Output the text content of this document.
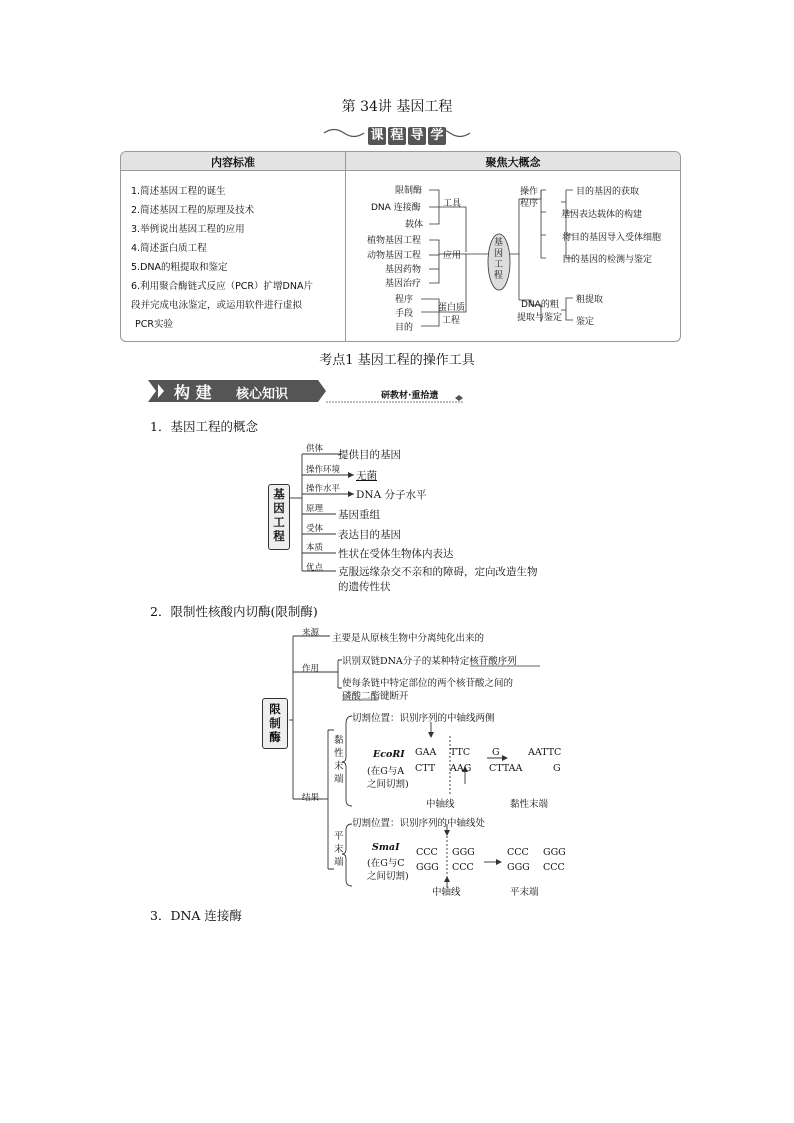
第 34讲 基因工程
课 程 导 学
内容标准	聚焦大概念
1.简述基因工程的诞生
2.简述基因工程的原理及技术
3.举例说出基因工程的应用
4.简述蛋白质工程
5.DNA的粗提取和鉴定
6.利用聚合酶链式反应（PCR）扩增DNA片
段并完成电泳鉴定，或运用软件进行虚拟
PCR实验
限制酶
DNA 连接酶
载体
工具
植物基因工程
动物基因工程
基因药物
基因治疗
应用
程序
手段
目的
蛋白质
工程
基
因
工
程
操作
程序
目的基因的获取
基因表达载体的构建
将目的基因导入受体细胞
目的基因的检测与鉴定
DNA的粗
提取与鉴定
粗提取
鉴定
考点1 基因工程的操作工具
构 建 核心知识	研教材·重拾遗
1．基因工程的概念
基
因
工
程
供体 提供目的基因
操作环境 无菌
操作水平 DNA 分子水平
原理 基因重组
受体 表达目的基因
本质 性状在受体生物体内表达
优点 克服远缘杂交不亲和的障碍，定向改造生物
的遗传性状
2．限制性核酸内切酶(限制酶)
限
制
酶
来源 主要是从原核生物中分离纯化出来的
作用
识别双链DNA分子的某种特定核苷酸序列
使每条链中特定部位的两个核苷酸之间的
磷酸二酯键断开
结果
黏
性
末
端
切割位置：识别序列的中轴线两侧
EcoRⅠ
(在G与A
之间切割)
GAA TTC
CTT AAG
G	AATTC
CTTAA	G
中轴线	黏性末端
平
末
端
切割位置：识别序列的中轴线处
SmaⅠ
(在G与C
之间切割)
CCC GGG
GGG CCC
CCC GGG
GGG CCC
中轴线	平末端
3．DNA 连接酶
